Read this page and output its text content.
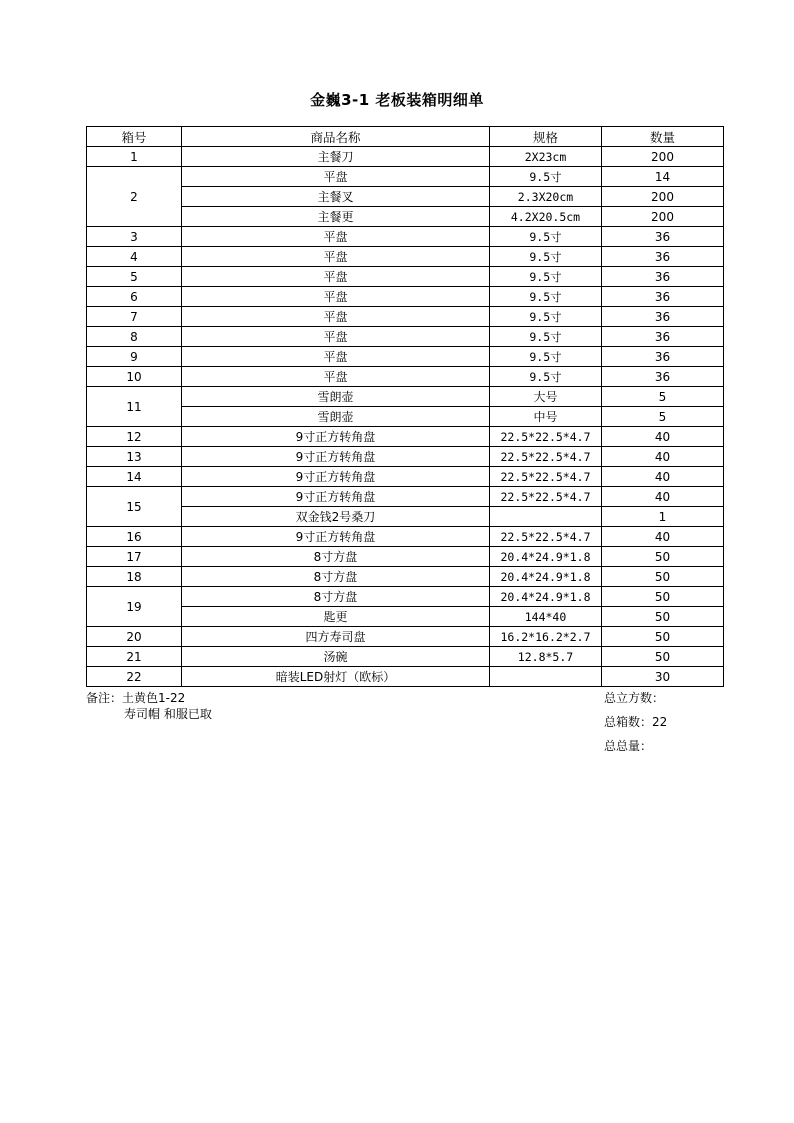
金巍3-1 老板装箱明细单
箱号	商品名称	规格	数量
1	主餐刀	2X23cm	200
2	平盘	9.5寸	14
	主餐叉	2.3X20cm	200
	主餐更	4.2X20.5cm	200
3	平盘	9.5寸	36
4	平盘	9.5寸	36
5	平盘	9.5寸	36
6	平盘	9.5寸	36
7	平盘	9.5寸	36
8	平盘	9.5寸	36
9	平盘	9.5寸	36
10	平盘	9.5寸	36
11	雪朗壶	大号	5
	雪朗壶	中号	5
12	9寸正方转角盘	22.5*22.5*4.7	40
13	9寸正方转角盘	22.5*22.5*4.7	40
14	9寸正方转角盘	22.5*22.5*4.7	40
15	9寸正方转角盘	22.5*22.5*4.7	40
	双金钱2号桑刀		1
16	9寸正方转角盘	22.5*22.5*4.7	40
17	8寸方盘	20.4*24.9*1.8	50
18	8寸方盘	20.4*24.9*1.8	50
19	8寸方盘	20.4*24.9*1.8	50
	匙更	144*40	50
20	四方寿司盘	16.2*16.2*2.7	50
21	汤碗	12.8*5.7	50
22	暗装LED射灯（欧标）		30
备注：土黄色1-22
寿司帽 和服已取
总立方数：
总箱数：22
总总量：
